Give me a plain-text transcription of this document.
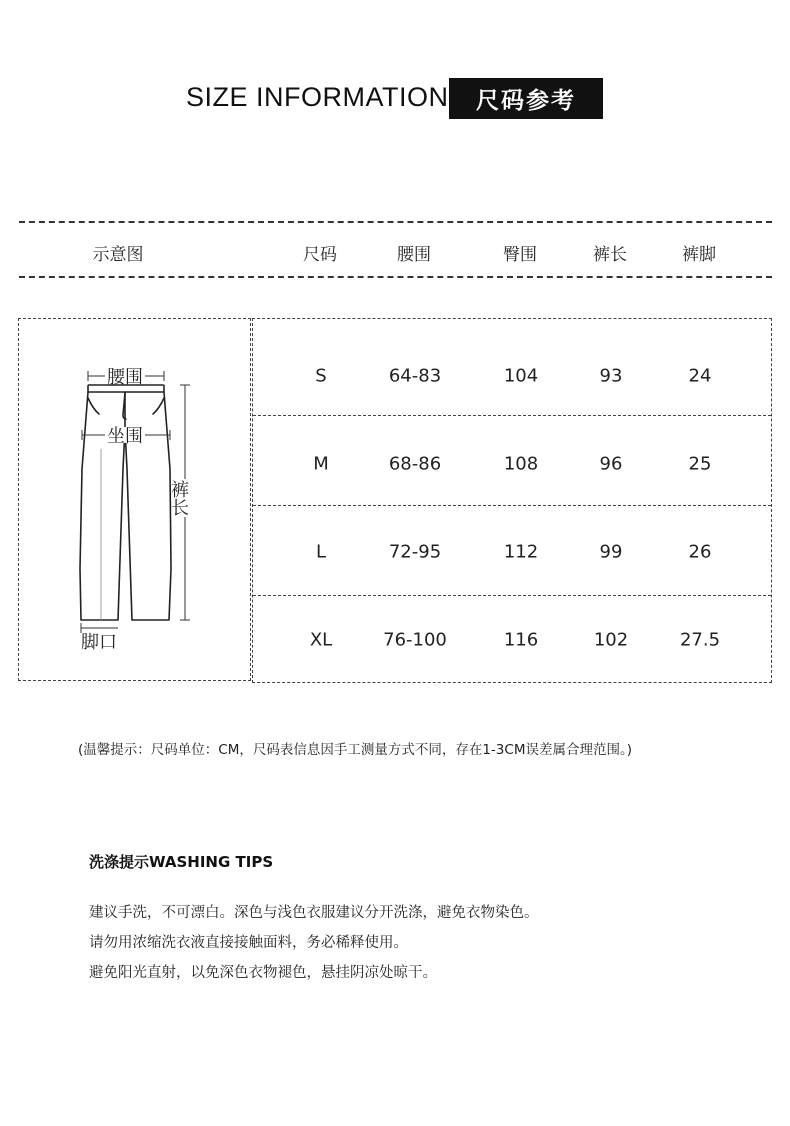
SIZE INFORMATION	尺码参考
示意图	尺码	腰围	臀围	裤长	裤脚
腰围
坐围
裤
长
脚口
S	64-83	104	93	24
M	68-86	108	96	25
L	72-95	112	99	26
XL	76-100	116	102	27.5
(温馨提示：尺码单位：CM，尺码表信息因手工测量方式不同，存在1-3CM误差属合理范围。)
洗涤提示WASHING TIPS
建议手洗，不可漂白。深色与浅色衣服建议分开洗涤，避免衣物染色。
请勿用浓缩洗衣液直接接触面料，务必稀释使用。
避免阳光直射，以免深色衣物褪色，悬挂阴凉处晾干。
